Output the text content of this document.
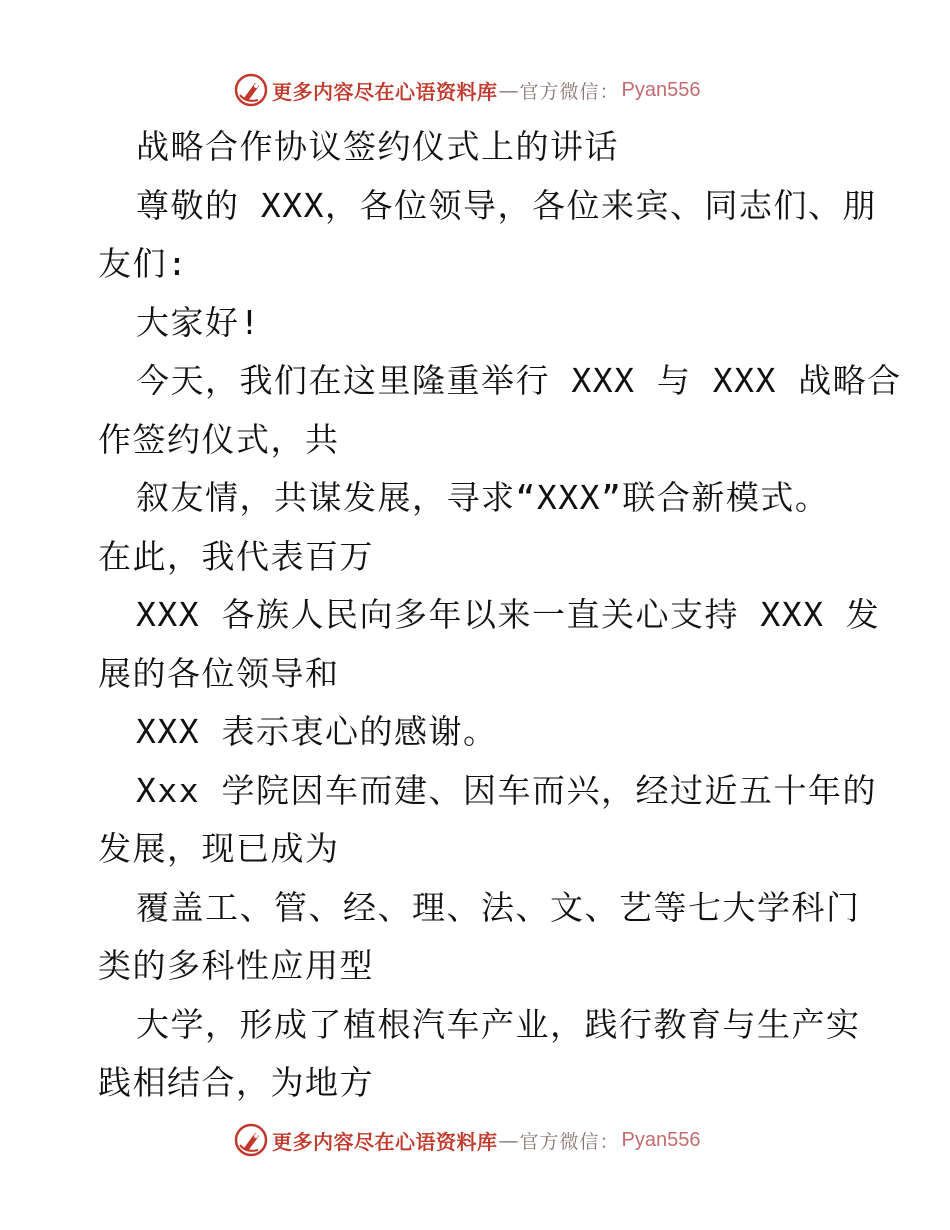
更多内容尽在心语资料库 — 官方微信： Pyan556
战略合作协议签约仪式上的讲话
尊敬的 XXX，各位领导，各位来宾、同志们、朋
友们:
大家好!
今天，我们在这里隆重举行 XXX 与 XXX 战略合
作签约仪式，共
叙友情，共谋发展，寻求“XXX”联合新模式。
在此，我代表百万
XXX 各族人民向多年以来一直关心支持 XXX 发
展的各位领导和
XXX 表示衷心的感谢。
Xxx 学院因车而建、因车而兴，经过近五十年的
发展，现已成为
覆盖工、管、经、理、法、文、艺等七大学科门
类的多科性应用型
大学，形成了植根汽车产业，践行教育与生产实
践相结合，为地方
更多内容尽在心语资料库 — 官方微信： Pyan556
